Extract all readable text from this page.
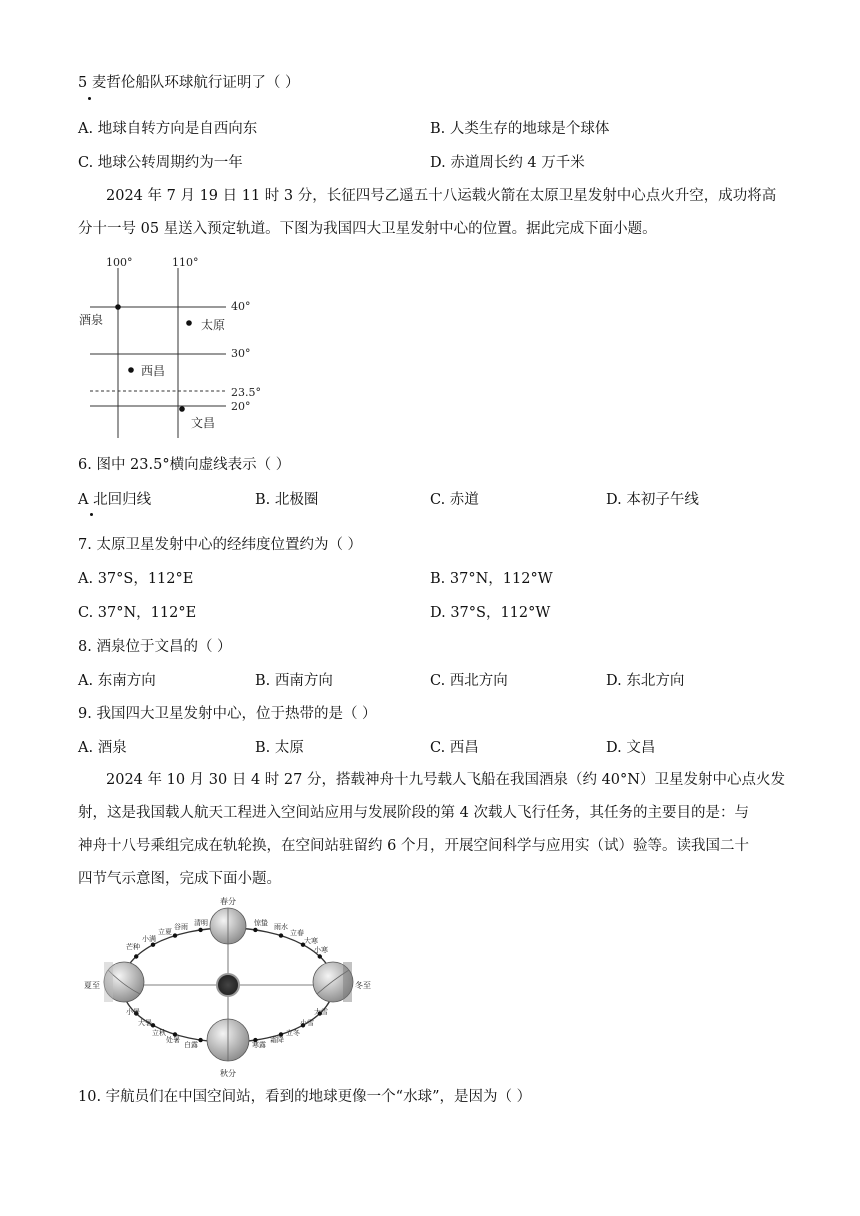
5 麦哲伦船队环球航行证明了（ ）
A. 地球自转方向是自西向东	B. 人类生存的地球是个球体
C. 地球公转周期约为一年	D. 赤道周长约 4 万千米

2024 年 7 月 19 日 11 时 3 分，长征四号乙遥五十八运载火箭在太原卫星发射中心点火升空，成功将高

分十一号 05 星送入预定轨道。下图为我国四大卫星发射中心的位置。据此完成下面小题。

100°	110°
40°
30°
23.5°
20°
酒泉	太原
西昌
文昌
6. 图中 23.5°横向虚线表示（ ）
A 北回归线	B. 北极圈	C. 赤道	D. 本初子午线
7. 太原卫星发射中心的经纬度位置约为（ ）
A. 37°S，112°E	B. 37°N，112°W
C. 37°N，112°E	D. 37°S，112°W
8. 酒泉位于文昌的（ ）
A. 东南方向	B. 西南方向	C. 西北方向	D. 东北方向
9. 我国四大卫星发射中心，位于热带的是（ ）
A. 酒泉	B. 太原	C. 西昌	D. 文昌

2024 年 10 月 30 日 4 时 27 分，搭载神舟十九号载人飞船在我国酒泉（约 40°N）卫星发射中心点火发

射，这是我国载人航天工程进入空间站应用与发展阶段的第 4 次载人飞行任务，其任务的主要目的是：与

神舟十八号乘组完成在轨轮换，在空间站驻留约 6 个月，开展空间科学与应用实（试）验等。读我国二十

四节气示意图，完成下面小题。

春分
夏至
秋分
冬至
清明
谷雨
立夏
小满
芒种
惊蛰 雨水
立春
大寒
小寒
小暑
大暑
立秋
处暑
白露	寒露
霜降
立冬
小雪
大雪
10. 宇航员们在中国空间站，看到的地球更像一个“水球”，是因为（ ）
